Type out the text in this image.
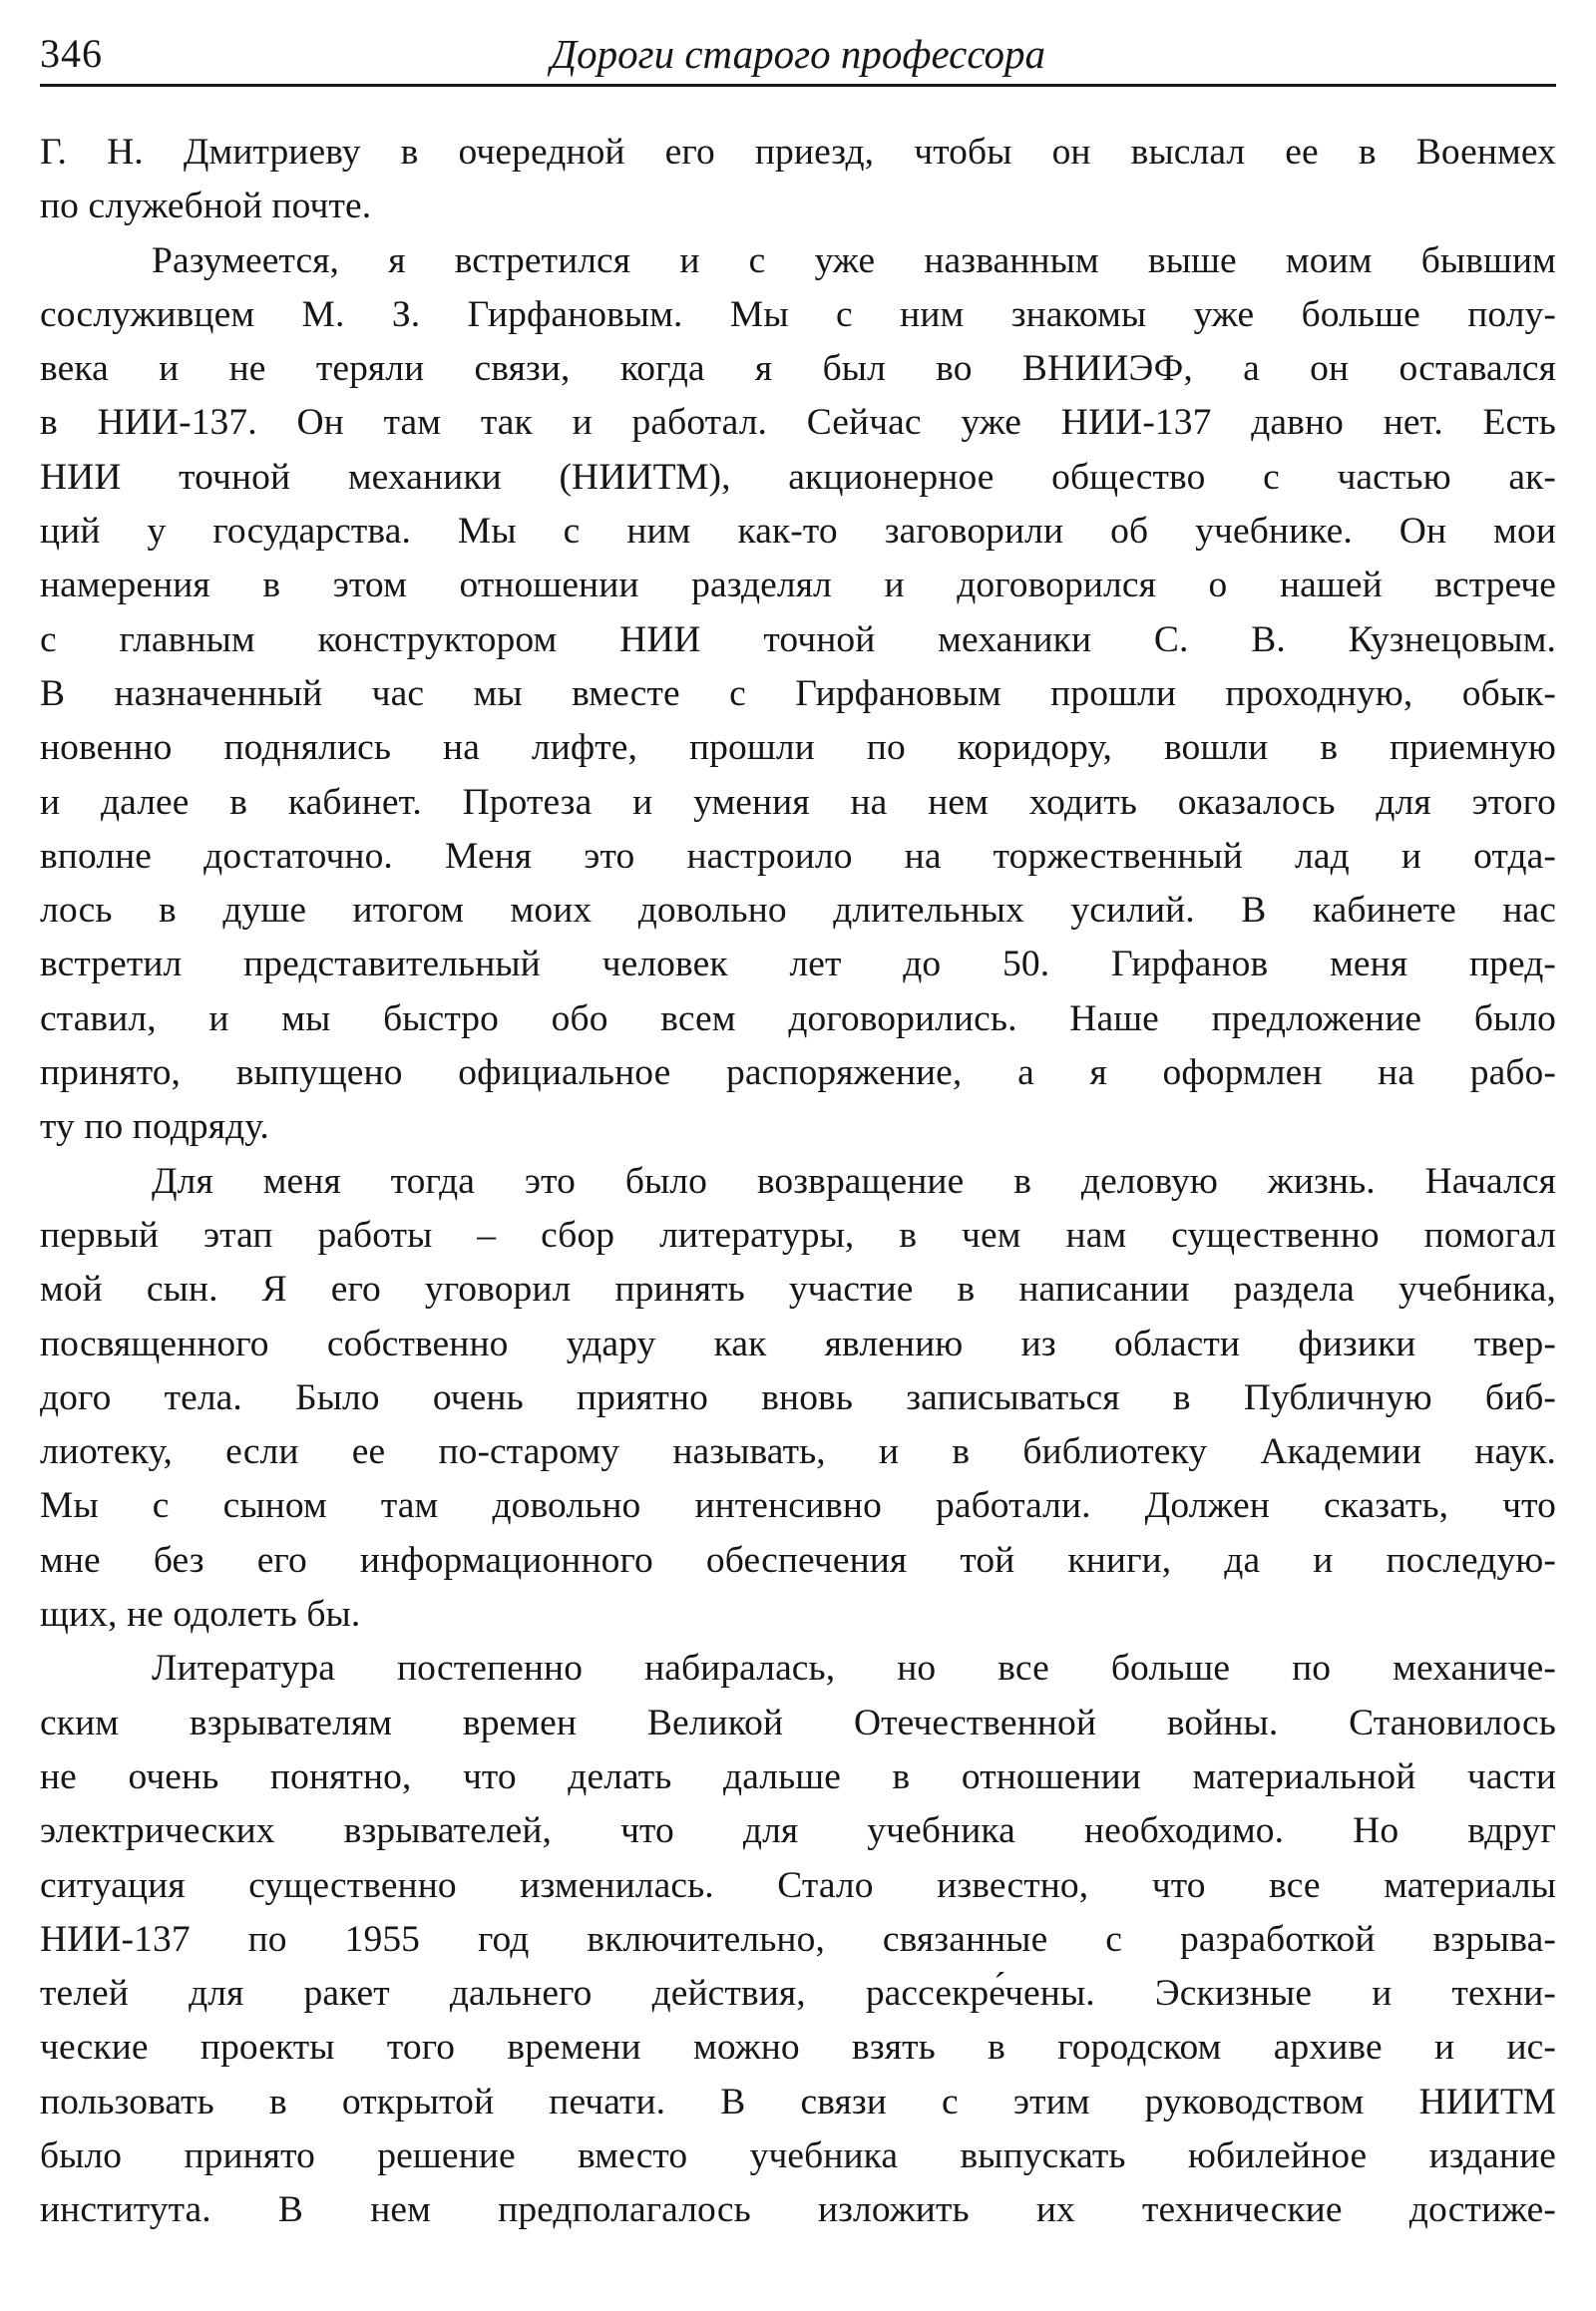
346	Дороги старого профессора
Г. Н. Дмитриеву в очередной его приезд, чтобы он выслал ее в Военмех
по служебной почте.
Разумеется, я встретился и с уже названным выше моим бывшим
сослуживцем М. З. Гирфановым. Мы с ним знакомы уже больше полу-
века и не теряли связи, когда я был во ВНИИЭФ, а он оставался
в НИИ-137. Он там так и работал. Сейчас уже НИИ-137 давно нет. Есть
НИИ точной механики (НИИТМ), акционерное общество с частью ак-
ций у государства. Мы с ним как-то заговорили об учебнике. Он мои
намерения в этом отношении разделял и договорился о нашей встрече
с главным конструктором НИИ точной механики С. В. Кузнецовым.
В назначенный час мы вместе с Гирфановым прошли проходную, обык-
новенно поднялись на лифте, прошли по коридору, вошли в приемную
и далее в кабинет. Протеза и умения на нем ходить оказалось для этого
вполне достаточно. Меня это настроило на торжественный лад и отда-
лось в душе итогом моих довольно длительных усилий. В кабинете нас
встретил представительный человек лет до 50. Гирфанов меня пред-
ставил, и мы быстро обо всем договорились. Наше предложение было
принято, выпущено официальное распоряжение, а я оформлен на рабо-
ту по подряду.
Для меня тогда это было возвращение в деловую жизнь. Начался
первый этап работы – сбор литературы, в чем нам существенно помогал
мой сын. Я его уговорил принять участие в написании раздела учебника,
посвященного собственно удару как явлению из области физики твер-
дого тела. Было очень приятно вновь записываться в Публичную биб-
лиотеку, если ее по-старому называть, и в библиотеку Академии наук.
Мы с сыном там довольно интенсивно работали. Должен сказать, что
мне без его информационного обеспечения той книги, да и последую-
щих, не одолеть бы.
Литература постепенно набиралась, но все больше по механиче-
ским взрывателям времен Великой Отечественной войны. Становилось
не очень понятно, что делать дальше в отношении материальной части
электрических взрывателей, что для учебника необходимо. Но вдруг
ситуация существенно изменилась. Стало известно, что все материалы
НИИ-137 по 1955 год включительно, связанные с разработкой взрыва-
телей для ракет дальнего действия, рассекре́чены. Эскизные и техни-
ческие проекты того времени можно взять в городском архиве и ис-
пользовать в открытой печати. В связи с этим руководством НИИТМ
было принято решение вместо учебника выпускать юбилейное издание
института. В нем предполагалось изложить их технические достиже-
